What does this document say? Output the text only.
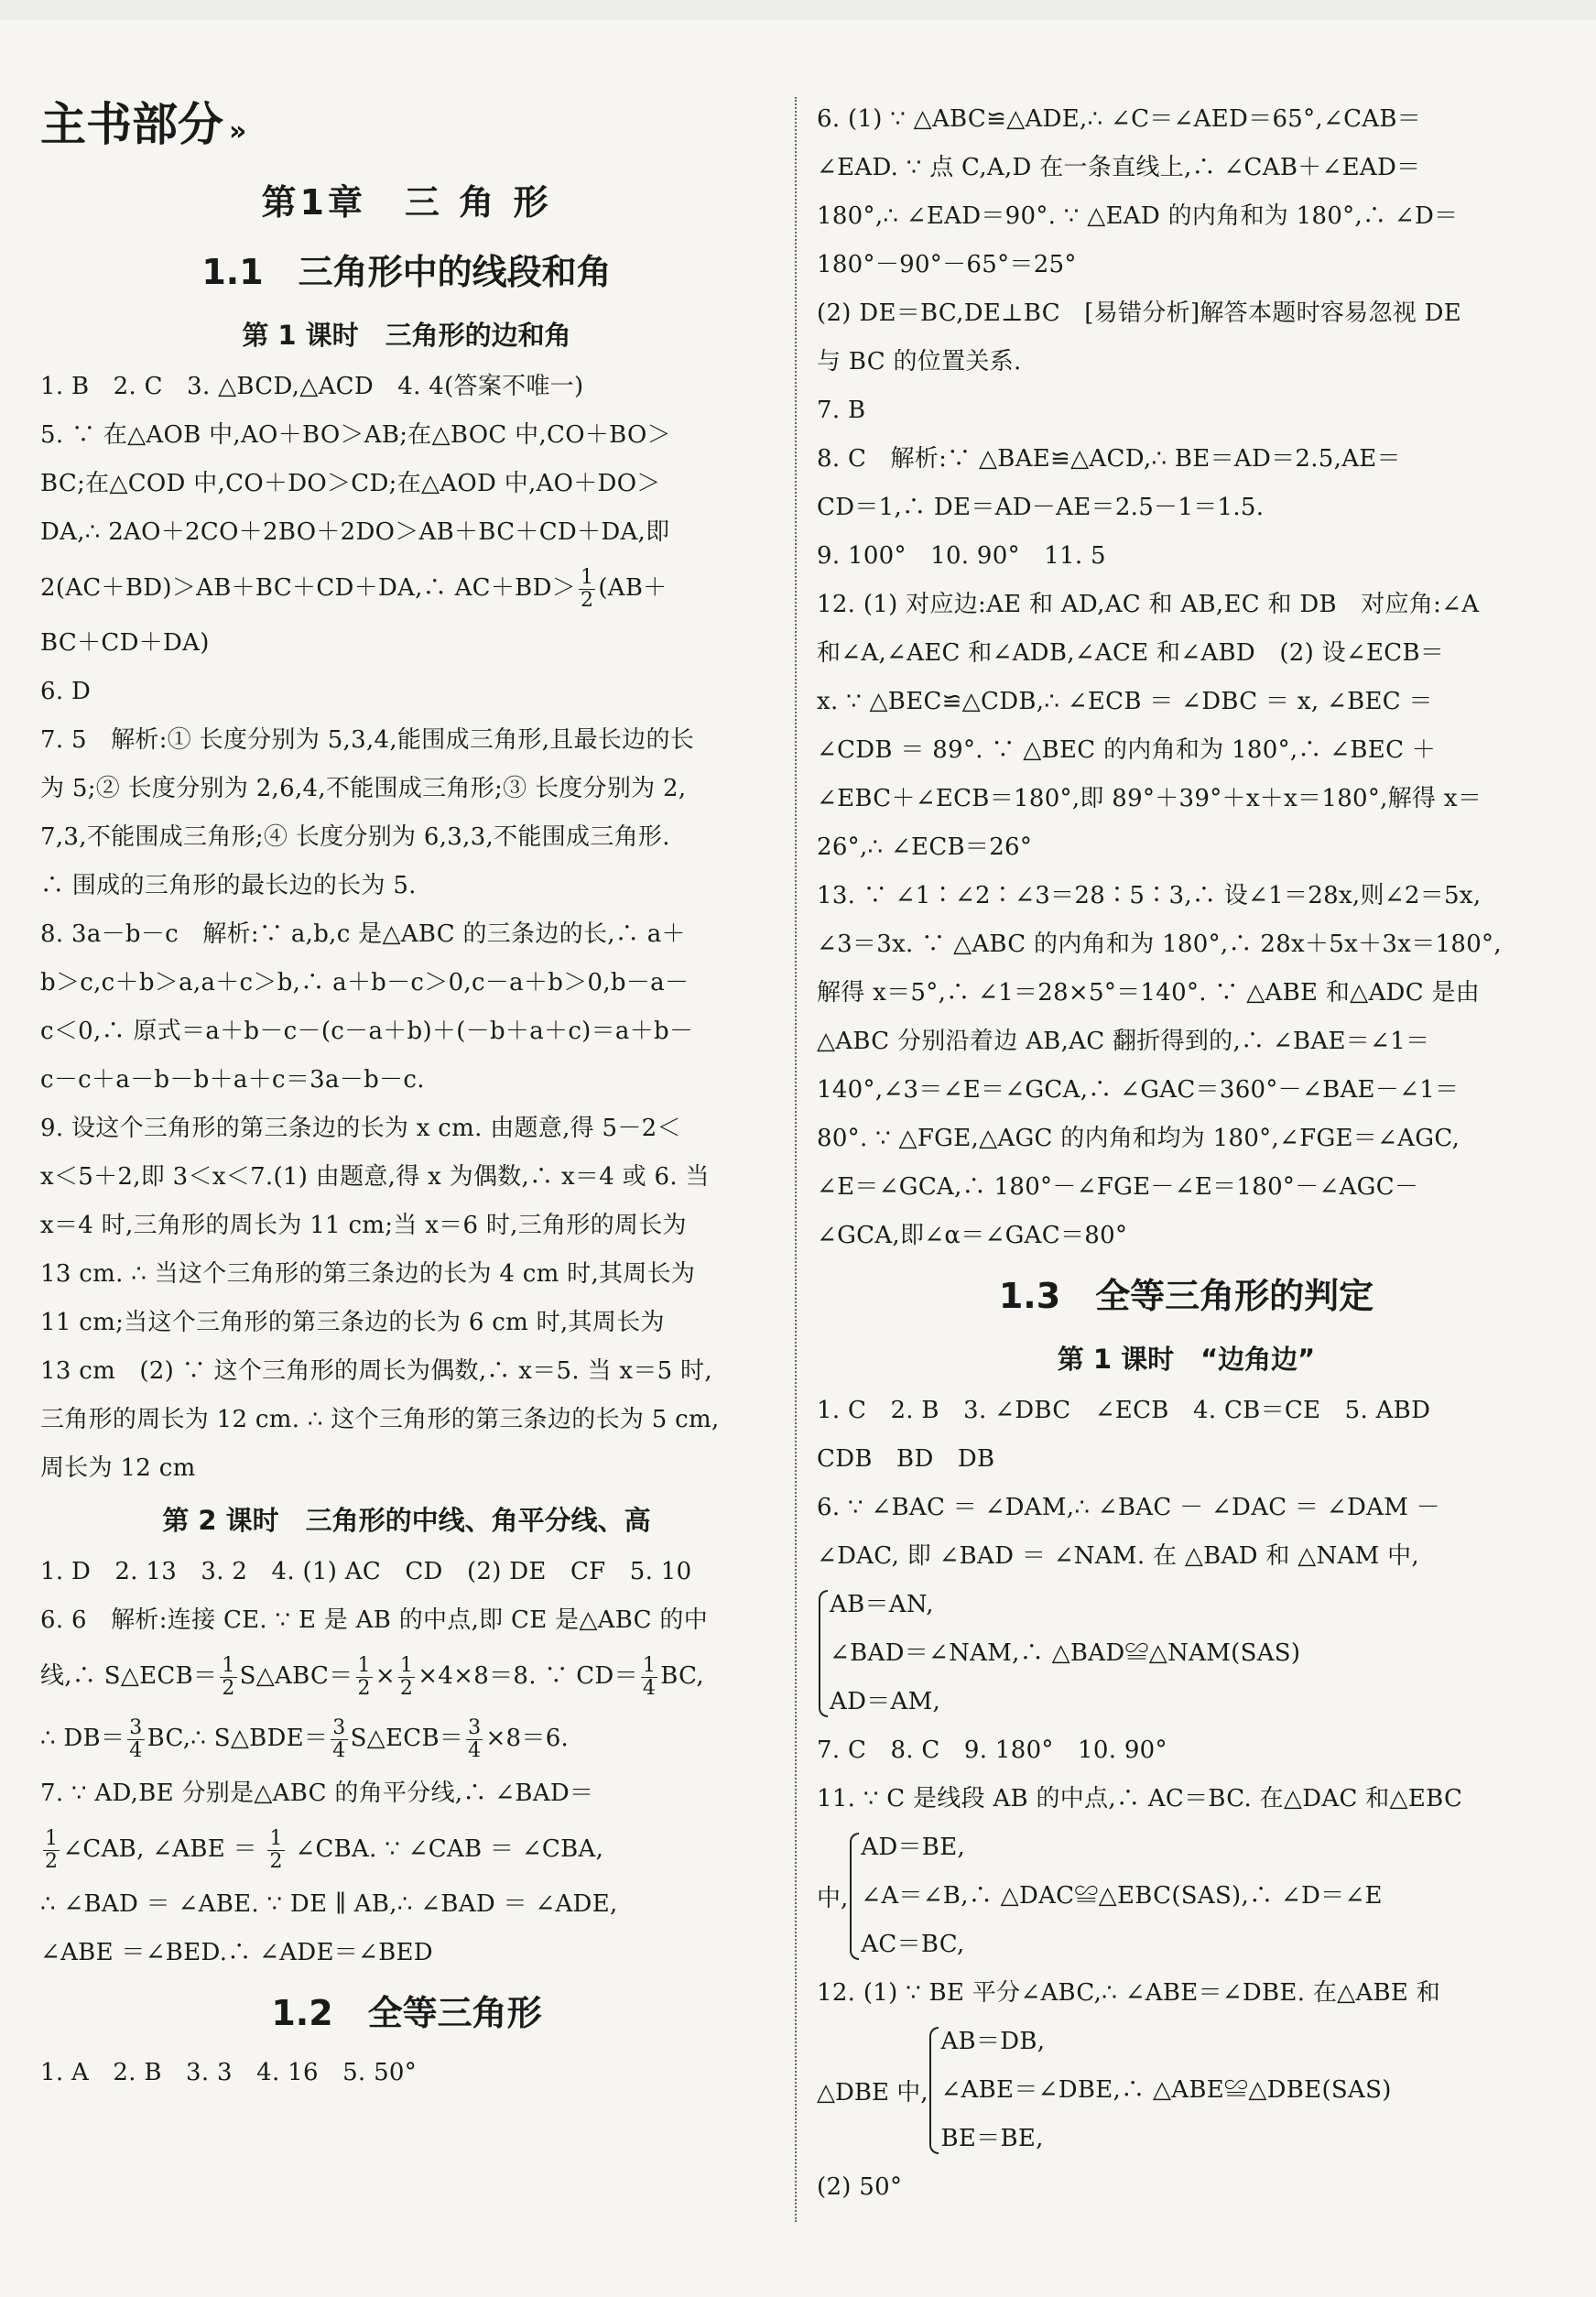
主书部分 »
第1章　三 角 形
1.1　三角形中的线段和角
第 1 课时　三角形的边和角
1. B　2. C　3. △BCD,△ACD　4. 4(答案不唯一)
5. ∵ 在△AOB 中,AO＋BO＞AB;在△BOC 中,CO＋BO＞
BC;在△COD 中,CO＋DO＞CD;在△AOD 中,AO＋DO＞
DA,∴ 2AO＋2CO＋2BO＋2DO＞AB＋BC＋CD＋DA,即
2(AC＋BD)＞AB＋BC＋CD＋DA,∴ $AC+BD> \frac{1}{2} (AB+$
BC＋CD＋DA)
6. D
7. 5　解析:① 长度分别为 5,3,4,能围成三角形,且最长边的长
为 5;② 长度分别为 2,6,4,不能围成三角形;③ 长度分别为 2,
7,3,不能围成三角形;④ 长度分别为 6,3,3,不能围成三角形.
∴ 围成的三角形的最长边的长为 5.
8. 3a－b－c　解析:∵ a,b,c 是△ABC 的三条边的长,∴ a＋
b＞c,c＋b＞a,a＋c＞b,∴ a＋b－c＞0,c－a＋b＞0,b－a－
c＜0,∴ 原式＝a＋b－c－(c－a＋b)＋(－b＋a＋c)＝a＋b－
c－c＋a－b－b＋a＋c＝3a－b－c.
9. 设这个三角形的第三条边的长为 x cm. 由题意,得 5－2＜
x＜5＋2,即 3＜x＜7.(1) 由题意,得 x 为偶数,∴ x＝4 或 6. 当
x＝4 时,三角形的周长为 11 cm;当 x＝6 时,三角形的周长为
13 cm. ∴ 当这个三角形的第三条边的长为 4 cm 时,其周长为
11 cm;当这个三角形的第三条边的长为 6 cm 时,其周长为
13 cm　(2) ∵ 这个三角形的周长为偶数,∴ x＝5. 当 x＝5 时,
三角形的周长为 12 cm. ∴ 这个三角形的第三条边的长为 5 cm,
周长为 12 cm
第 2 课时　三角形的中线、角平分线、高
1. D　2. 13　3. 2　4. (1) AC　CD　(2) DE　CF　5. 10
6. 6　解析:连接 CE. ∵ E 是 AB 的中点,即 CE 是△ABC 的中
线,∴ S△ECB＝ $\frac{1}{2}$ S△ABC＝ $\frac{1}{2} \times \frac{1}{2} \times 4\times 8=8$. ∵ $CD= \frac{1}{4}$ BC,
∴ $DB= \frac{3}{4}$ BC,∴ S△BDE＝ $\frac{3}{4}$ S△ECB＝ $\frac{3}{4} \times 8=6$.
7. ∵ AD,BE 分别是△ABC 的角平分线,∴ ∠BAD＝
$\frac{1}{2}$ ∠CAB, ∠ABE ＝ $\frac{1}{2}$ ∠CBA. ∵ ∠CAB ＝ ∠CBA,
∴ ∠BAD ＝ ∠ABE. ∵ DE ∥ AB,∴ ∠BAD ＝ ∠ADE,
∠ABE ＝∠BED.∴ ∠ADE＝∠BED
1.2　全等三角形
1. A　2. B　3. 3　4. 16　5. 50°
6. (1) ∵ △ABC≌△ADE,∴ ∠C＝∠AED＝65°,∠CAB＝
∠EAD. ∵ 点 C,A,D 在一条直线上,∴ ∠CAB＋∠EAD＝
180°,∴ ∠EAD＝90°. ∵ △EAD 的内角和为 180°,∴ ∠D＝
180°－90°－65°＝25°
(2) DE＝BC,DE⊥BC　[易错分析]解答本题时容易忽视 DE
与 BC 的位置关系.
7. B
8. C　解析:∵ △BAE≌△ACD,∴ BE＝AD＝2.5,AE＝
CD＝1,∴ DE＝AD－AE＝2.5－1＝1.5.
9. 100°　10. 90°　11. 5
12. (1) 对应边:AE 和 AD,AC 和 AB,EC 和 DB　对应角:∠A
和∠A,∠AEC 和∠ADB,∠ACE 和∠ABD　(2) 设∠ECB＝
x. ∵ △BEC≌△CDB,∴ ∠ECB ＝ ∠DBC ＝ x, ∠BEC ＝
∠CDB ＝ 89°. ∵ △BEC 的内角和为 180°,∴ ∠BEC ＋
∠EBC＋∠ECB＝180°,即 89°＋39°＋x＋x＝180°,解得 x＝
26°,∴ ∠ECB＝26°
13. ∵ ∠1∶∠2∶∠3＝28∶5∶3,∴ 设∠1＝28x,则∠2＝5x,
∠3＝3x. ∵ △ABC 的内角和为 180°,∴ 28x＋5x＋3x＝180°,
解得 x＝5°,∴ ∠1＝28×5°＝140°. ∵ △ABE 和△ADC 是由
△ABC 分别沿着边 AB,AC 翻折得到的,∴ ∠BAE＝∠1＝
140°,∠3＝∠E＝∠GCA,∴ ∠GAC＝360°－∠BAE－∠1＝
80°. ∵ △FGE,△AGC 的内角和均为 180°,∠FGE＝∠AGC,
∠E＝∠GCA,∴ 180°－∠FGE－∠E＝180°－∠AGC－
∠GCA,即∠α＝∠GAC＝80°
1.3　全等三角形的判定
第 1 课时　“边角边”
1. C　2. B　3. ∠DBC　∠ECB　4. CB＝CE　5. ABD
CDB　BD　DB
6. ∵ ∠BAC ＝ ∠DAM,∴ ∠BAC － ∠DAC ＝ ∠DAM －
∠DAC, 即 ∠BAD ＝ ∠NAM. 在 △BAD 和 △NAM 中,
AB＝AN,
∠BAD＝∠NAM,∴ △BAD≌△NAM(SAS)
AD＝AM,
7. C　8. C　9. 180°　10. 90°
11. ∵ C 是线段 AB 的中点,∴ AC＝BC. 在△DAC 和△EBC
中,
AD＝BE,
∠A＝∠B,∴ △DAC≌△EBC(SAS),∴ ∠D＝∠E
AC＝BC,
12. (1) ∵ BE 平分∠ABC,∴ ∠ABE＝∠DBE. 在△ABE 和
△DBE 中,
AB＝DB,
∠ABE＝∠DBE,∴ △ABE≌△DBE(SAS)
BE＝BE,
(2) 50°
